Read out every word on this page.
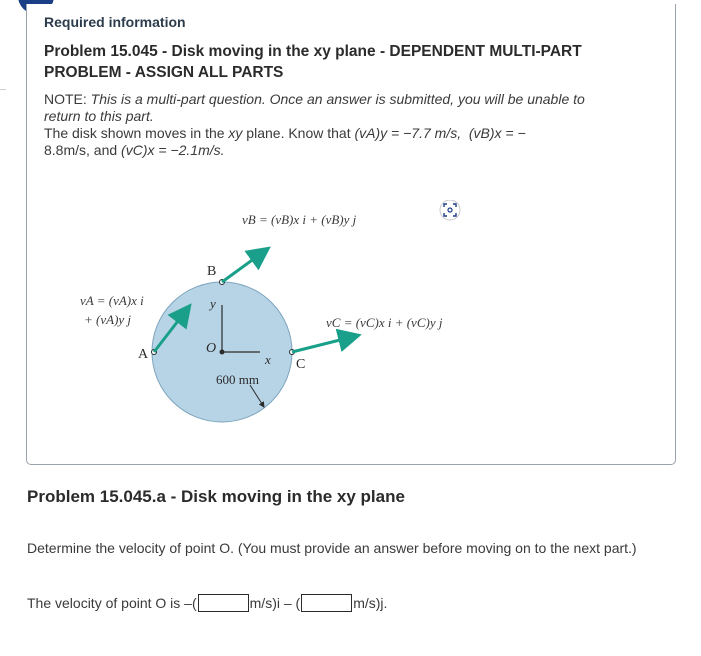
Required information
Problem 15.045 - Disk moving in the xy plane - DEPENDENT MULTI-PART PROBLEM - ASSIGN ALL PARTS
NOTE: This is a multi-part question. Once an answer is submitted, you will be unable to return to this part.
The disk shown moves in the xy plane. Know that (vA)y = −7.7 m/s, (vB)x = −
8.8m/s, and (vC)x = −2.1m/s.
vB = (vB)x i + (vB)y j
vA = (vA)x i
+ (vA)y j	vC = (vC)x i + (vC)y j
B
A	O
C
y
x
600 mm
Problem 15.045.a - Disk moving in the xy plane
Determine the velocity of point O. (You must provide an answer before moving on to the next part.)
The velocity of point O is –(	m/s)i – (	m/s)j.
